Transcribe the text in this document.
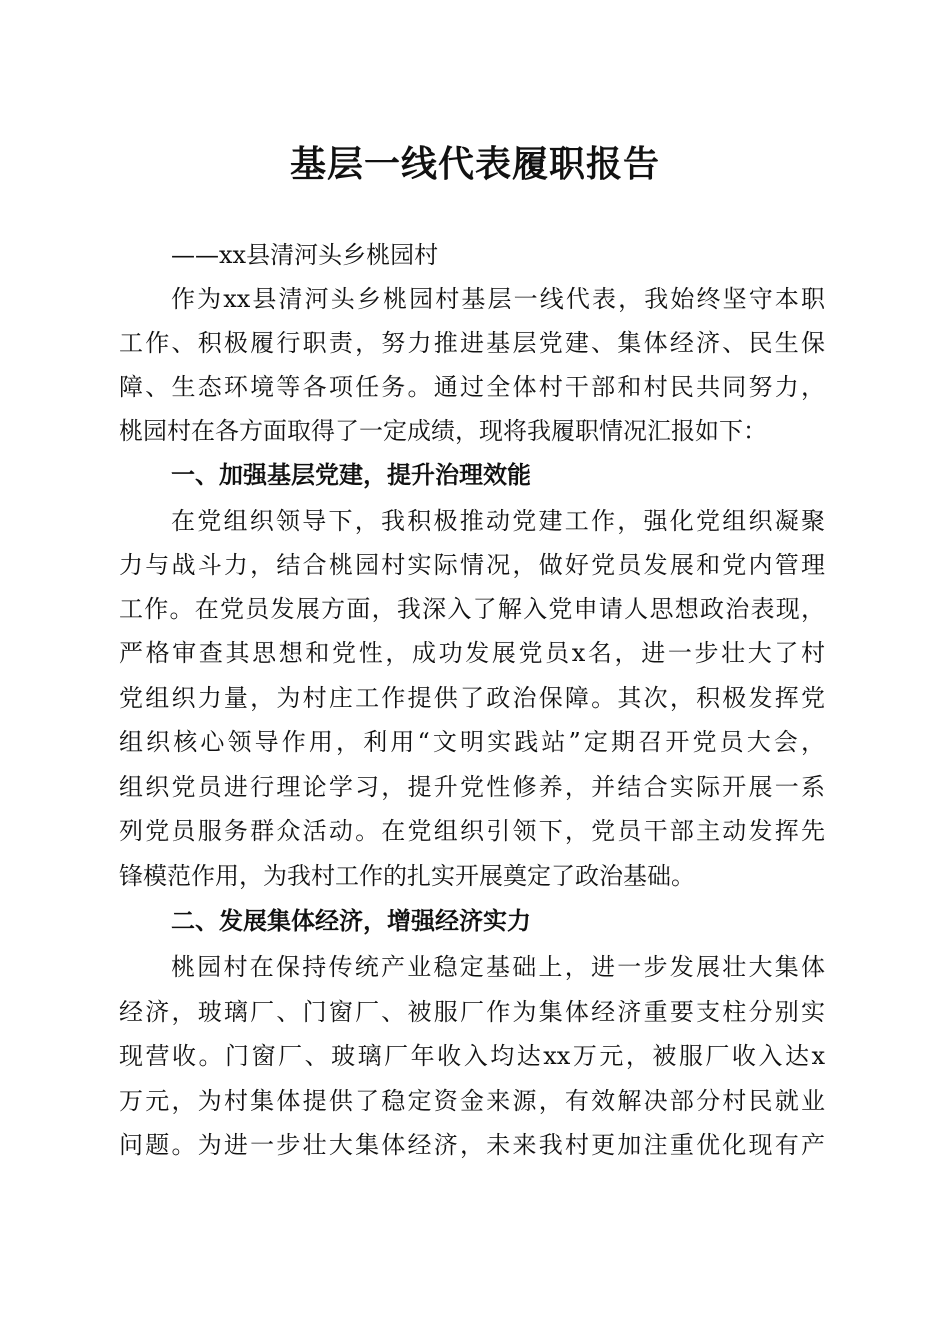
基层一线代表履职报告

——xx县清河头乡桃园村

作为xx县清河头乡桃园村基层一线代表，我始终坚守本职

工作、积极履行职责，努力推进基层党建、集体经济、民生保

障、生态环境等各项任务。通过全体村干部和村民共同努力，

桃园村在各方面取得了一定成绩，现将我履职情况汇报如下：

一、加强基层党建，提升治理效能

在党组织领导下，我积极推动党建工作，强化党组织凝聚

力与战斗力，结合桃园村实际情况，做好党员发展和党内管理

工作。在党员发展方面，我深入了解入党申请人思想政治表现，

严格审查其思想和党性，成功发展党员x名，进一步壮大了村

党组织力量，为村庄工作提供了政治保障。其次，积极发挥党

组织核心领导作用，利用“文明实践站”定期召开党员大会，

组织党员进行理论学习，提升党性修养，并结合实际开展一系

列党员服务群众活动。在党组织引领下，党员干部主动发挥先

锋模范作用，为我村工作的扎实开展奠定了政治基础。

二、发展集体经济，增强经济实力

桃园村在保持传统产业稳定基础上，进一步发展壮大集体

经济，玻璃厂、门窗厂、被服厂作为集体经济重要支柱分别实

现营收。门窗厂、玻璃厂年收入均达xx万元，被服厂收入达x

万元，为村集体提供了稳定资金来源，有效解决部分村民就业

问题。为进一步壮大集体经济，未来我村更加注重优化现有产
